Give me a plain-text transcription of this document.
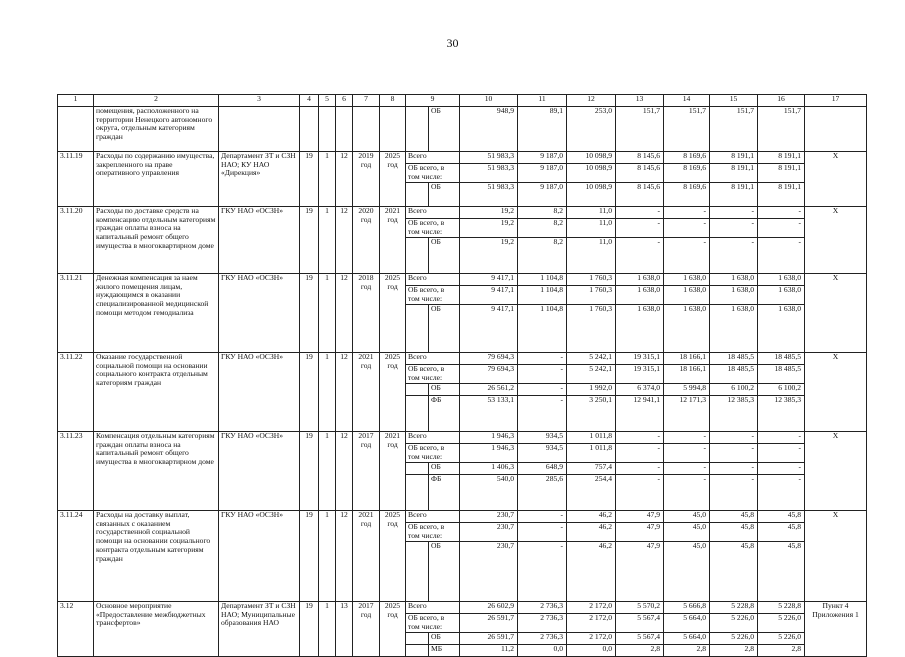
30
1	2	3	4	5	6	7	8	9		10	11	12	13	14	15	16	17
	помещения, расположенного на территории Ненецкого автономного округа, отдельным категориям граждан								ОБ	948,9	89,1	253,0	151,7	151,7	151,7	151,7	
3.11.19	Расходы по содержанию имущества, закрепленного на праве оперативного управления	Департамент ЗТ и СЗН НАО; КУ НАО «Дирекция»	19	1	12	2019 год	2025 год	Всего		51 983,3	9 187,0	10 098,9	8 145,6	8 169,6	8 191,1	8 191,1	Х
								ОБ всего, в том числе:		51 983,3	9 187,0	10 098,9	8 145,6	8 169,6	8 191,1	8 191,1	
									ОБ	51 983,3	9 187,0	10 098,9	8 145,6	8 169,6	8 191,1	8 191,1	
3.11.20	Расходы по доставке средств на компенсацию отдельным категориям граждан оплаты взноса на капитальный ремонт общего имущества в многоквартирном доме	ГКУ НАО «ОСЗН»	19	1	12	2020 год	2021 год	Всего		19,2	8,2	11,0	-	-	-	-	Х
								ОБ всего, в том числе:		19,2	8,2	11,0	-	-	-	-	
									ОБ	19,2	8,2	11,0	-	-	-	-	
3.11.21	Денежная компенсация за наем жилого помещения лицам, нуждающимся в оказании специализированной медицинской помощи методом гемодиализа	ГКУ НАО «ОСЗН»	19	1	12	2018 год	2025 год	Всего		9 417,1	1 104,8	1 760,3	1 638,0	1 638,0	1 638,0	1 638,0	Х
								ОБ всего, в том числе:		9 417,1	1 104,8	1 760,3	1 638,0	1 638,0	1 638,0	1 638,0	
									ОБ	9 417,1	1 104,8	1 760,3	1 638,0	1 638,0	1 638,0	1 638,0	
3.11.22	Оказание государственной социальной помощи на основании социального контракта отдельным категориям граждан	ГКУ НАО «ОСЗН»	19	1	12	2021 год	2025 год	Всего		79 694,3	-	5 242,1	19 315,1	18 166,1	18 485,5	18 485,5	Х
								ОБ всего, в том числе:		79 694,3	-	5 242,1	19 315,1	18 166,1	18 485,5	18 485,5	
									ОБ	26 561,2	-	1 992,0	6 374,0	5 994,8	6 100,2	6 100,2	
									ФБ	53 133,1	-	3 250,1	12 941,1	12 171,3	12 385,3	12 385,3	
3.11.23	Компенсация отдельным категориям граждан оплаты взноса на капитальный ремонт общего имущества в многоквартирном доме	ГКУ НАО «ОСЗН»	19	1	12	2017 год	2021 год	Всего		1 946,3	934,5	1 011,8	-	-	-	-	Х
								ОБ всего, в том числе:		1 946,3	934,5	1 011,8	-	-	-	-	
									ОБ	1 406,3	648,9	757,4	-	-	-	-	
									ФБ	540,0	285,6	254,4	-	-	-	-	
3.11.24	Расходы на доставку выплат, связанных с оказанием государственной социальной помощи на основании социального контракта отдельным категориям граждан	ГКУ НАО «ОСЗН»	19	1	12	2021 год	2025 год	Всего		230,7	-	46,2	47,9	45,0	45,8	45,8	Х
								ОБ всего, в том числе:		230,7	-	46,2	47,9	45,0	45,8	45,8	
									ОБ	230,7	-	46,2	47,9	45,0	45,8	45,8	
3.12	Основное мероприятие «Предоставление межбюджетных трансфертов»	Департамент ЗТ и СЗН НАО; Муниципальные образования НАО	19	1	13	2017 год	2025 год	Всего		26 602,9	2 736,3	2 172,0	5 570,2	5 666,8	5 228,8	5 228,8	Пункт 4 Приложения 1
								ОБ всего, в том числе:		26 591,7	2 736,3	2 172,0	5 567,4	5 664,0	5 226,0	5 226,0	
									ОБ	26 591,7	2 736,3	2 172,0	5 567,4	5 664,0	5 226,0	5 226,0	
									МБ	11,2	0,0	0,0	2,8	2,8	2,8	2,8	
